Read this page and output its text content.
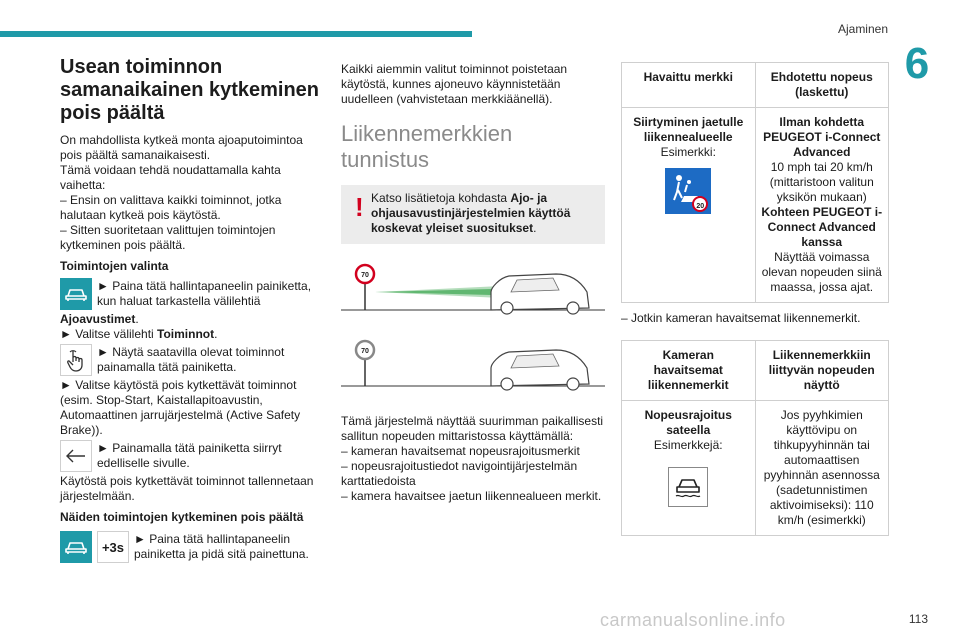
Ajaminen
6
Usean toiminnon samanaikainen kytkeminen pois päältä

On mahdollista kytkeä monta ajoaputoimintoa pois päältä samanaikaisesti.
Tämä voidaan tehdä noudattamalla kahta vaihetta:
– Ensin on valittava kaikki toiminnot, jotka halutaan kytkeä pois käytöstä.
– Sitten suoritetaan valittujen toimintojen kytkeminen pois päältä.

Toimintojen valinta
► Paina tätä hallintapaneelin painiketta, kun haluat tarkastella välilehtiä

Ajoavustimet.

► Valitse välilehti Toiminnot.

► Näytä saatavilla olevat toiminnot painamalla tätä painiketta.

► Valitse käytöstä pois kytkettävät toiminnot (esim. Stop-Start, Kaistallapitoavustin, Automaattinen jarrujärjestelmä (Active Safety Brake)).

► Painamalla tätä painiketta siirryt edelliselle sivulle.

Käytöstä pois kytkettävät toiminnot tallennetaan järjestelmään.

Näiden toimintojen kytkeminen pois päältä
+3s
► Paina tätä hallintapaneelin painiketta ja pidä sitä painettuna.

Kaikki aiemmin valitut toiminnot poistetaan käytöstä, kunnes ajoneuvo käynnistetään uudelleen (vahvistetaan merkkiäänellä).

Liikennemerkkien tunnistus
! Katso lisätietoja kohdasta Ajo- ja ohjausavustinjärjestelmien käyttöä koskevat yleiset suositukset.
70
70

Tämä järjestelmä näyttää suurimman paikallisesti sallitun nopeuden mittaristossa käyttämällä:
– kameran havaitsemat nopeusrajoitusmerkit
– nopeusrajoitustiedot navigointijärjestelmän karttatiedoista
– kamera havaitsee jaetun liikennealueen merkit.

Havaittu merkki	Ehdotettu nopeus (laskettu)

Siirtyminen jaetulle liikennealueelle
Esimerkki:
20	Ilman kohdetta PEUGEOT i-Connect Advanced
10 mph tai 20 km/h (mittaristoon valitun yksikön mukaan)
Kohteen PEUGEOT i-Connect Advanced kanssa
Näyttää voimassa olevan nopeuden siinä maassa, jossa ajat.

– Jotkin kameran havaitsemat liikennemerkit.

Kameran havaitsemat liikennemerkit	Liikennemerkkiin liittyvän nopeuden näyttö

Nopeusrajoitus sateella
Esimerkkejä:	Jos pyyhkimien käyttövipu on tihkupyyhinnän tai automaattisen pyyhinnän asennossa (sadetunnistimen aktivoimiseksi): 110 km/h (esimerkki)
113
carmanualsonline.info
